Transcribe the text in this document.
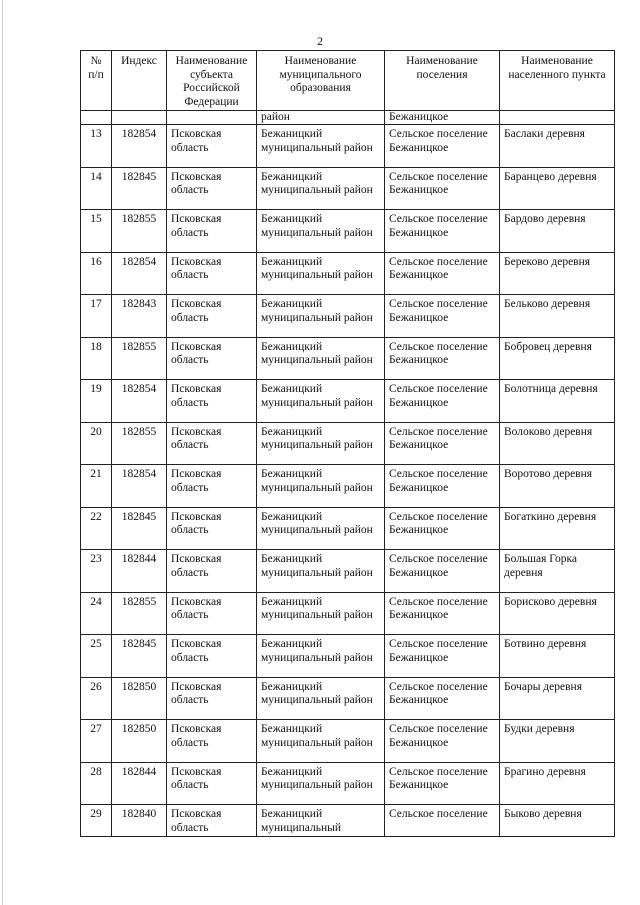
2
№ п/п	Индекс	Наименование субъекта Российской Федерации	Наименование муниципального образования	Наименование поселения	Наименование населенного пункта
			район	Бежаницкое	
13	182854	Псковская область	Бежаницкий муниципальный район	Сельское поселение Бежаницкое	Баслаки деревня
14	182845	Псковская область	Бежаницкий муниципальный район	Сельское поселение Бежаницкое	Баранцево деревня
15	182855	Псковская область	Бежаницкий муниципальный район	Сельское поселение Бежаницкое	Бардово деревня
16	182854	Псковская область	Бежаницкий муниципальный район	Сельское поселение Бежаницкое	Берековo деревня
17	182843	Псковская область	Бежаницкий муниципальный район	Сельское поселение Бежаницкое	Бельково деревня
18	182855	Псковская область	Бежаницкий муниципальный район	Сельское поселение Бежаницкое	Бобровец деревня
19	182854	Псковская область	Бежаницкий муниципальный район	Сельское поселение Бежаницкое	Болотница деревня
20	182855	Псковская область	Бежаницкий муниципальный район	Сельское поселение Бежаницкое	Волоково деревня
21	182854	Псковская область	Бежаницкий муниципальный район	Сельское поселение Бежаницкое	Воротово деревня
22	182845	Псковская область	Бежаницкий муниципальный район	Сельское поселение Бежаницкое	Богаткино деревня
23	182844	Псковская область	Бежаницкий муниципальный район	Сельское поселение Бежаницкое	Большая Горка деревня
24	182855	Псковская область	Бежаницкий муниципальный район	Сельское поселение Бежаницкое	Борисково деревня
25	182845	Псковская область	Бежаницкий муниципальный район	Сельское поселение Бежаницкое	Ботвино деревня
26	182850	Псковская область	Бежаницкий муниципальный район	Сельское поселение Бежаницкое	Бочары деревня
27	182850	Псковская область	Бежаницкий муниципальный район	Сельское поселение Бежаницкое	Будки деревня
28	182844	Псковская область	Бежаницкий муниципальный район	Сельское поселение Бежаницкое	Брагино деревня
29	182840	Псковская область	Бежаницкий муниципальный	Сельское поселение	Быково деревня
